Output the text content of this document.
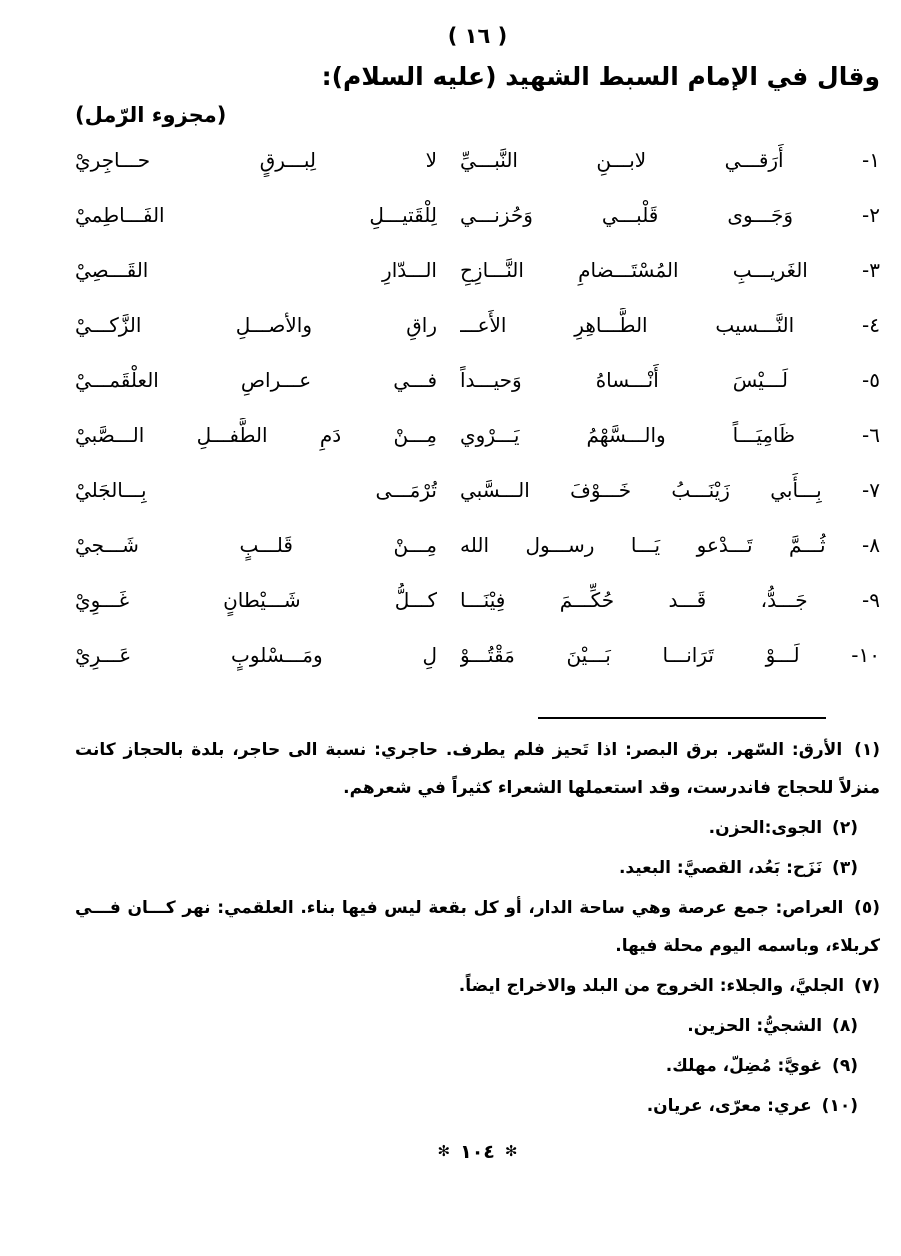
( ١٦ )
وقال في الإمام السبط الشهيد (عليه السلام):
(مجزوء الرّمل)
١- أَرَقـــي لابـــنِ النَّبـــيِّ
لا لِبـــرقٍ حـــاجِريْ
٢- وَجَـــوى قَلْبـــي وَحُزنـــي
لِلْقَتيـــلِ الفَـــاطِميْ
٣- الغَريـــبِ المُسْتَـــضامِ النَّـــازِحِ
الـــدّارِ القَـــصِيْ
٤- النَّـــسيب الطَّـــاهِرِ الأَعـــ
راقِ والأصـــلِ الزَّكـــيْ
٥- لَـــيْسَ أَنْـــساهُ وَحيـــداً
فـــي عـــراصِ العلْقَمـــيْ
٦- ظَامِيَـــاً والـــسَّهْمُ يَـــرْوي
مِـــنْ دَمِ الطَّفـــلِ الـــصَّبيْ
٧- بِـــأَبي زَيْنَـــبُ خَـــوْفَ الـــسَّبي
تُرْمَـــى بِـــالجَليْ
٨- ثُـــمَّ تَـــدْعو يَـــا رســـول الله
مِـــنْ قَلـــبٍ شَـــجيْ
٩- جَـــدُّ، قَـــد حُكِّـــمَ فِيْنَـــا
كـــلُّ شَـــيْطانٍ غَـــوِيْ
١٠- لَـــوْ تَرَانـــا بَـــيْنَ مَقْتُـــوْ
لِ ومَـــسْلوبٍ عَـــرِيْ

(١) الأرق: السّهر. برق البصر: اذا تَحيز فلم يطرف. حاجري: نسبة الى حاجر، بلدة بالحجاز كانت منزلاً للحجاج فاندرست، وقد استعملها الشعراء كثيراً في شعرهم.

(٢) الجوى:الحزن.

(٣) نَزَح: بَعُد، القصيَّ: البعيد.

(٥) العراص: جمع عرصة وهي ساحة الدار، أو كل بقعة ليس فيها بناء. العلقمي: نهر كـــان فـــي كربلاء، وباسمه اليوم محلة فيها.

(٧) الجليَّ، والجلاء: الخروج من البلد والاخراج ايضاً.

(٨) الشجيُّ: الحزين.

(٩) غويَّ: مُضِلّ، مهلك.

(١٠) عري: معرّى، عريان.

✻١٠٤✻
